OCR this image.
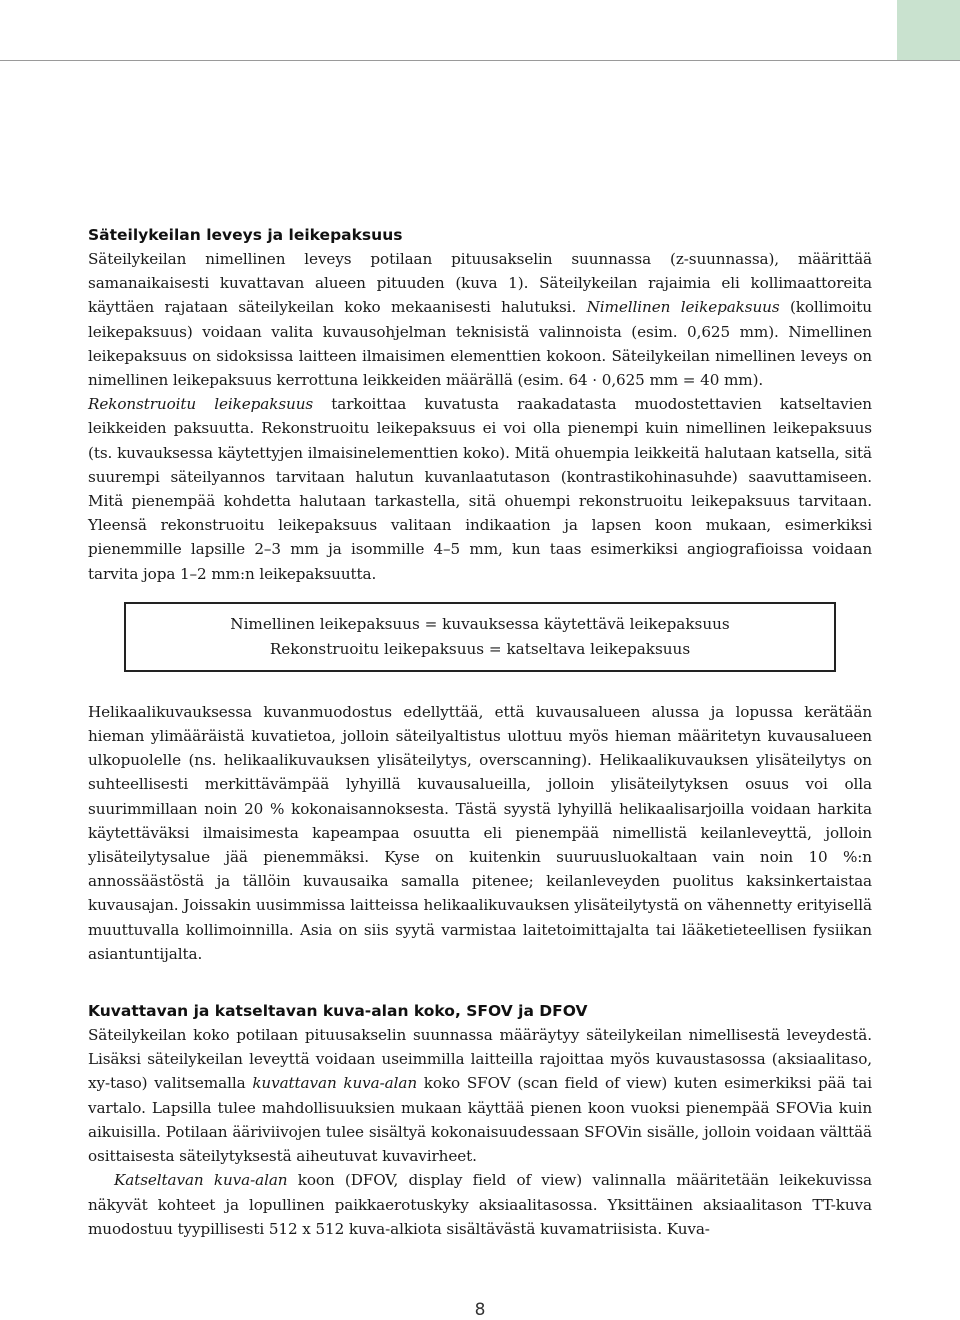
Säteilykeilan leveys ja leikepaksuus

Säteilykeilan nimellinen leveys potilaan pituusakselin suunnassa (z-suunnassa), määrittää samanaikaisesti kuvattavan alueen pituuden (kuva 1). Säteilykeilan rajaimia eli kollimaattoreita käyttäen rajataan säteilykeilan koko mekaanisesti halutuksi. Nimellinen leikepaksuus (kollimoitu leikepaksuus) voidaan valita kuvausohjelman teknisistä valinnoista (esim. 0,625 mm). Nimellinen leikepaksuus on sidoksissa laitteen ilmaisimen elementtien kokoon. Säteilykeilan nimellinen leveys on nimellinen leikepaksuus kerrottuna leikkeiden määrällä (esim. 64 · 0,625 mm = 40 mm).

Rekonstruoitu leikepaksuus tarkoittaa kuvatusta raakadatasta muodostettavien katseltavien leikkeiden paksuutta. Rekonstruoitu leikepaksuus ei voi olla pienempi kuin nimellinen leikepaksuus (ts. kuvauksessa käytettyjen ilmaisinelementtien koko). Mitä ohuempia leikkeitä halutaan katsella, sitä suurempi säteilyannos tarvitaan halutun kuvanlaatutason (kontrastikohinasuhde) saavuttamiseen. Mitä pienempää kohdetta halutaan tarkastella, sitä ohuempi rekonstruoitu leikepaksuus tarvitaan. Yleensä rekonstruoitu leikepaksuus valitaan indikaation ja lapsen koon mukaan, esimerkiksi pienemmille lapsille 2–3 mm ja isommille 4–5 mm, kun taas esimerkiksi angiografioissa voidaan tarvita jopa 1–2 mm:n leikepaksuutta.

Nimellinen leikepaksuus = kuvauksessa käytettävä leikepaksuus
Rekonstruoitu leikepaksuus = katseltava leikepaksuus

Helikaalikuvauksessa kuvanmuodostus edellyttää, että kuvausalueen alussa ja lopussa kerätään hieman ylimääräistä kuvatietoa, jolloin säteilyaltistus ulottuu myös hieman määritetyn kuvausalueen ulkopuolelle (ns. helikaalikuvauksen ylisäteilytys, overscanning). Helikaalikuvauksen ylisäteilytys on suhteellisesti merkittävämpää lyhyillä kuvausalueilla, jolloin ylisäteilytyksen osuus voi olla suurimmillaan noin 20 % kokonaisannoksesta. Tästä syystä lyhyillä helikaalisarjoilla voidaan harkita käytettäväksi ilmaisimesta kapeampaa osuutta eli pienempää nimellistä keilanleveyttä, jolloin ylisäteilytysalue jää pienemmäksi. Kyse on kuitenkin suuruusluokaltaan vain noin 10 %:n annossäästöstä ja tällöin kuvausaika samalla pitenee; keilanleveyden puolitus kaksinkertaistaa kuvausajan. Joissakin uusimmissa laitteissa helikaalikuvauksen ylisäteilytystä on vähennetty erityisellä muuttuvalla kollimoinnilla. Asia on siis syytä varmistaa laitetoimittajalta tai lääketieteellisen fysiikan asiantuntijalta.

Kuvattavan ja katseltavan kuva-alan koko, SFOV ja DFOV

Säteilykeilan koko potilaan pituusakselin suunnassa määräytyy säteilykeilan nimellisestä leveydestä. Lisäksi säteilykeilan leveyttä voidaan useimmilla laitteilla rajoittaa myös kuvaustasossa (aksiaalitaso, xy-taso) valitsemalla kuvattavan kuva-alan koko SFOV (scan field of view) kuten esimerkiksi pää tai vartalo. Lapsilla tulee mahdollisuuksien mukaan käyttää pienen koon vuoksi pienempää SFOVia kuin aikuisilla. Potilaan ääriviivojen tulee sisältyä kokonaisuudessaan SFOVin sisälle, jolloin voidaan välttää osittaisesta säteilytyksestä aiheutuvat kuvavirheet.

Katseltavan kuva-alan koon (DFOV, display field of view) valinnalla määritetään leikekuvissa näkyvät kohteet ja lopullinen paikkaerotuskyky aksiaalitasossa. Yksittäinen aksiaalitason TT-kuva muodostuu tyypillisesti 512 x 512 kuva-alkiota sisältävästä kuvamatriisista. Kuva-

8
